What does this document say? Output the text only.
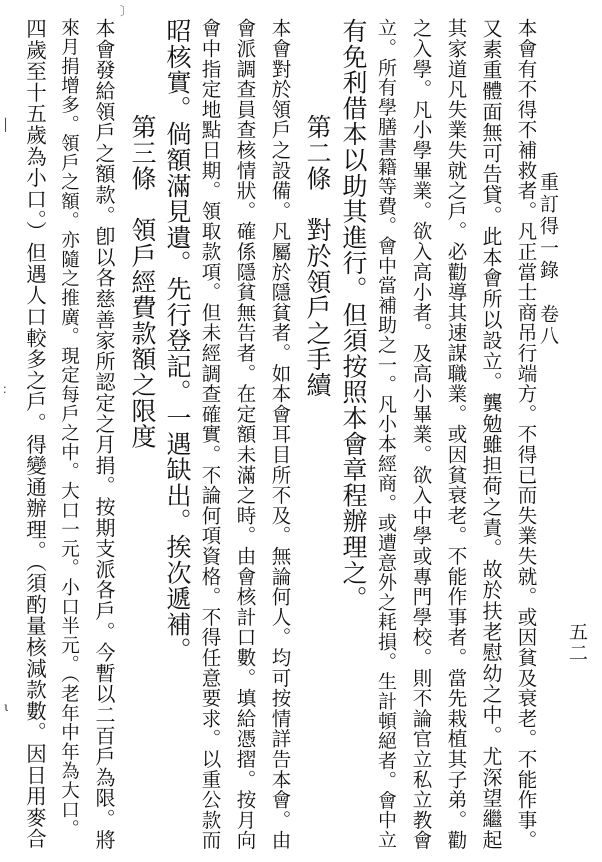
重訂得一錄　卷八
五二
本會有不得不補救者。凡正當士商吊行端方。不得已而失業失就。或因貧及衰老。不能作事。
又素重體面無可告貸。此本會所以設立。龔勉雖担荷之責。故於扶老慰幼之中。尤深望繼起
其家道凡失業失就之戶。必勸導其速謀職業。或因貧衰老。不能作事者。當先栽植其子弟。勸
之入學。凡小學畢業。欲入高小者。及高小畢業。欲入中學或專門學校。則不論官立私立教會
立。所有學膳書籍等費。會中當補助之一。凡小本經商。或遭意外之耗損。生計頓絕者。會中立
有免利借本以助其進行。但須按照本會章程辦理之。
第二條　對於領戶之手續
本會對於領戶之設備。凡屬於隱貧者。如本會耳目所不及。無論何人。均可按情詳告本會。由
會派調查員查核情狀。確係隱貧無告者。在定額未滿之時。由會核計口數。填給憑摺。按月向
會中指定地點日期。領取款項。但未經調查確實。不論何項資格。不得任意要求。以重公款而
昭核實。倘額滿見遺。先行登記。一遇缺出。挨次遞補。
第三條　領戶經費款額之限度
本會發給領戶之額款。卽以各慈善家所認定之月捐。按期支派各戶。今暫以二百戶為限。將
來月捐增多。領戶之額。亦隨之推廣。現定每戶之中。大口一元。小口半元。（老年中年為大口。
四歲至十五歲為小口。）但遇人口較多之戶。得變通辦理。（須酌量核減款數。因日用麥合
〕
│
：
ι
